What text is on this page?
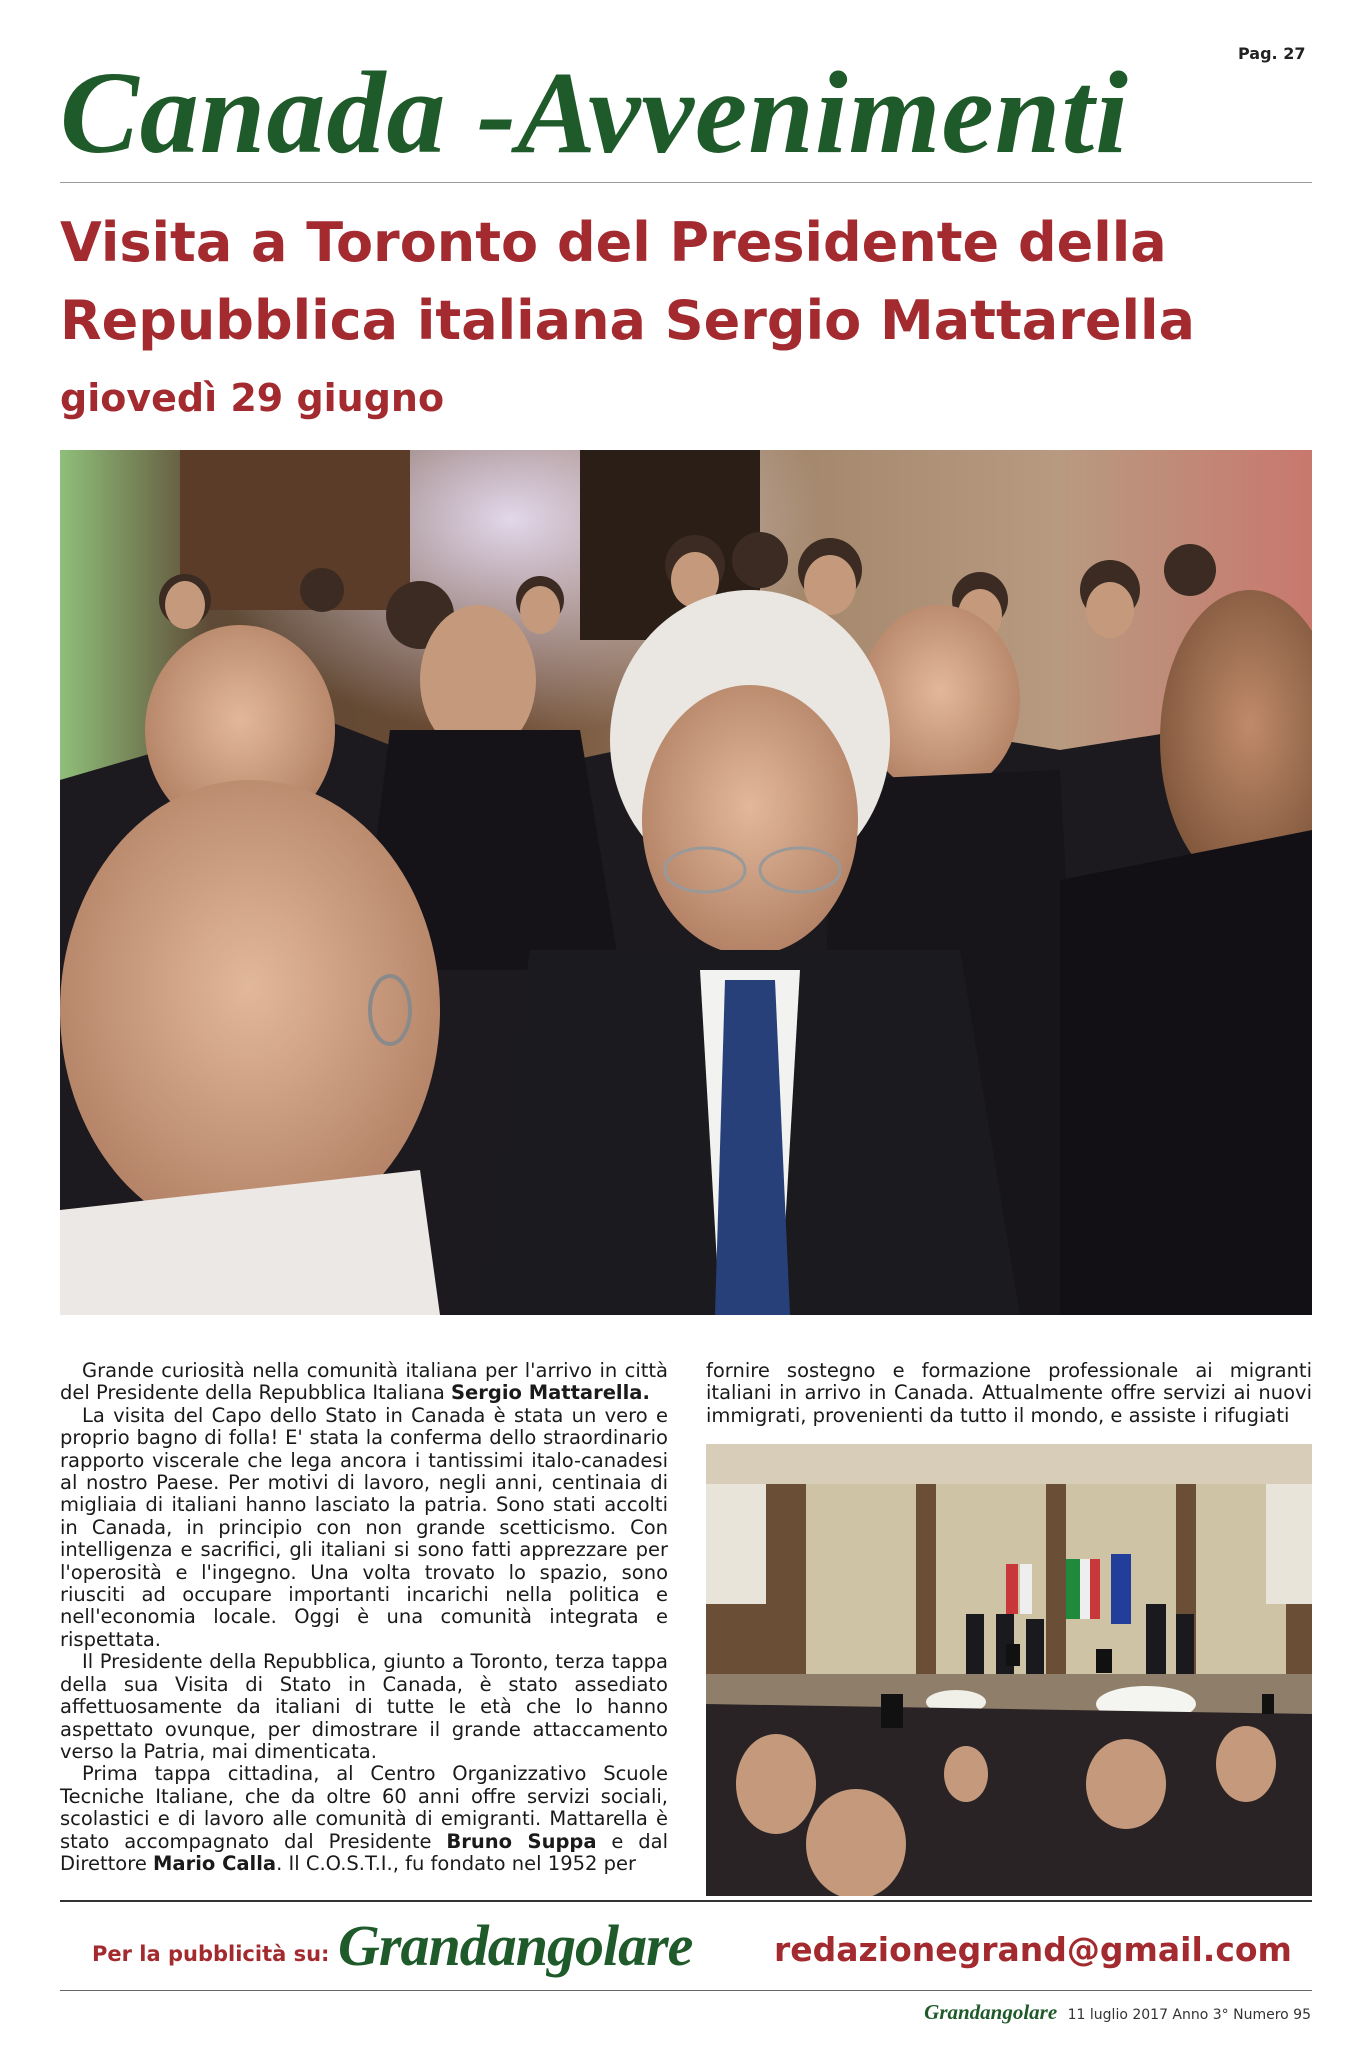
Pag. 27
Canada -Avvenimenti
Visita a Toronto del Presidente della Repubblica italiana Sergio Mattarella
giovedì 29 giugno

Grande curiosità nella comunità italiana per l'arrivo in città del Presidente della Repubblica Italiana Sergio Mattarella.

La visita del Capo dello Stato in Canada è stata un vero e proprio bagno di folla! E' stata la conferma dello straordinario rapporto viscerale che lega ancora i tantissimi italo-canadesi al nostro Paese. Per motivi di lavoro, negli anni, centinaia di migliaia di italiani hanno lasciato la patria. Sono stati accolti in Canada, in principio con non grande scetticismo. Con intelligenza e sacrifici, gli italiani si sono fatti apprezzare per l'operosità e l'ingegno. Una volta trovato lo spazio, sono riusciti ad occupare importanti incarichi nella politica e nell'economia locale. Oggi è una comunità integrata e rispettata.

Il Presidente della Repubblica, giunto a Toronto, terza tappa della sua Visita di Stato in Canada, è stato assediato affettuosamente da italiani di tutte le età che lo hanno aspettato ovunque, per dimostrare il grande attaccamento verso la Patria, mai dimenticata.

Prima tappa cittadina, al Centro Organizzativo Scuole Tecniche Italiane, che da oltre 60 anni offre servizi sociali, scolastici e di lavoro alle comunità di emigranti. Mattarella è stato accompagnato dal Presidente Bruno Suppa e dal Direttore Mario Calla. Il C.O.S.T.I., fu fondato nel 1952 per

fornire sostegno e formazione professionale ai migranti italiani in arrivo in Canada. Attualmente offre servizi ai nuovi immigrati, provenienti da tutto il mondo, e assiste i rifugiati

Per la pubblicità su: Grandangolare redazionegrand@gmail.com
Grandangolare 11 luglio 2017 Anno 3° Numero 95
